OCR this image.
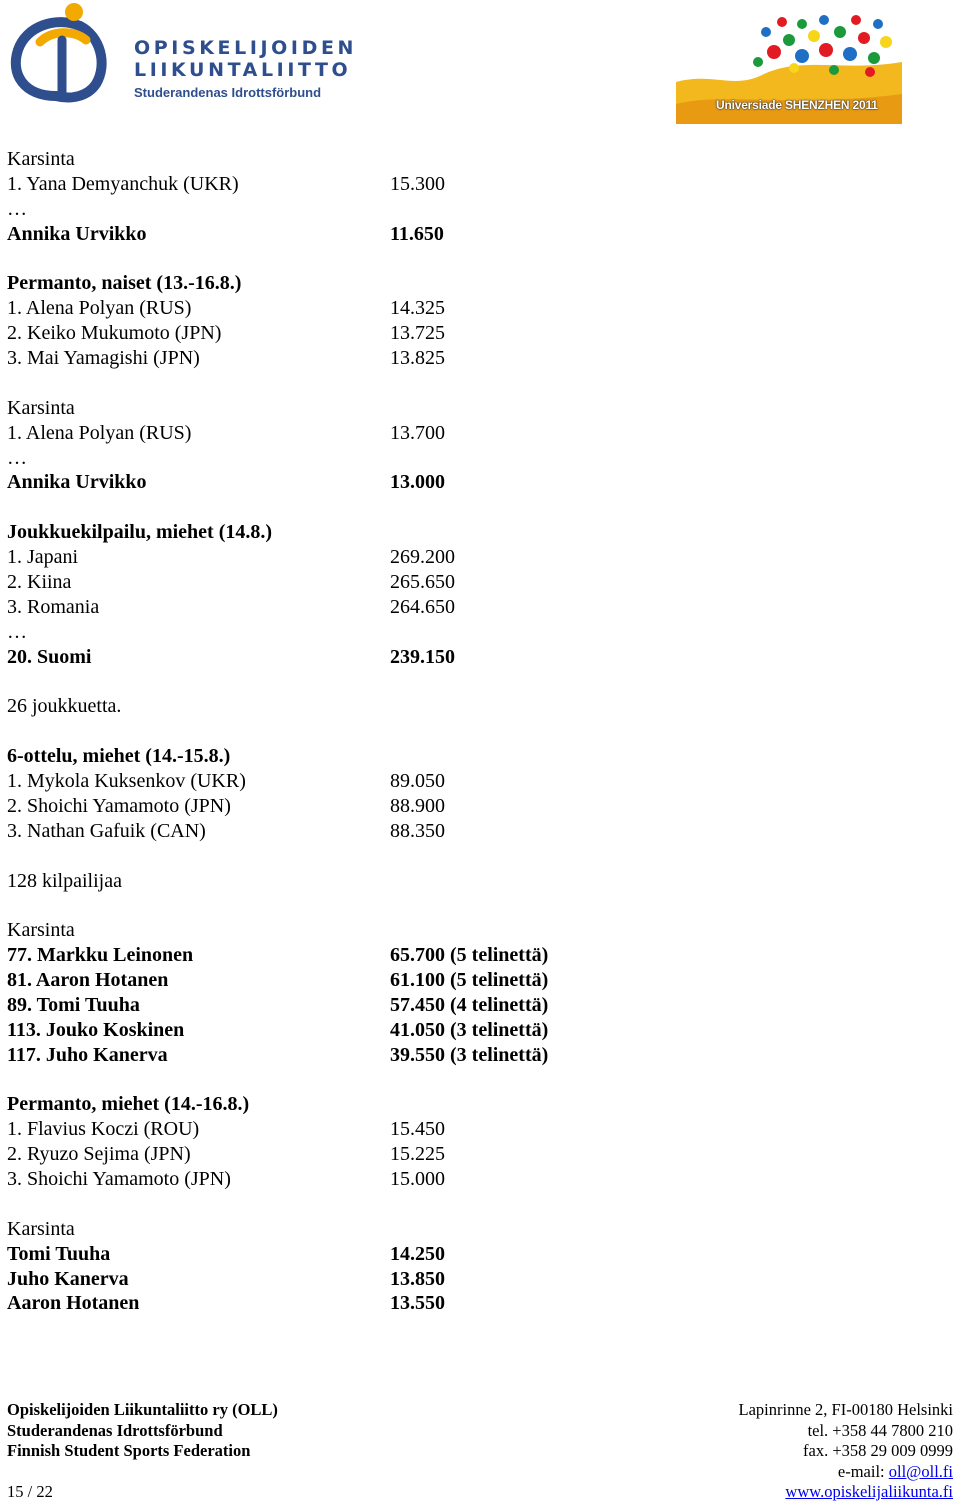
OPISKELIJOIDEN
LIIKUNTALIITTO
Studerandenas Idrottsförbund
Universiade SHENZHEN 2011
Karsinta
1. Yana Demyanchuk (UKR)	15.300
…
Annika Urvikko	11.650
Permanto, naiset (13.-16.8.)
1. Alena Polyan (RUS)	14.325
2. Keiko Mukumoto (JPN)	13.725
3. Mai Yamagishi (JPN)	13.825
Karsinta
1. Alena Polyan (RUS)	13.700
…
Annika Urvikko	13.000
Joukkuekilpailu, miehet (14.8.)
1. Japani	269.200
2. Kiina	265.650
3. Romania	264.650
…
20. Suomi	239.150
26 joukkuetta.
6-ottelu, miehet (14.-15.8.)
1. Mykola Kuksenkov (UKR)	89.050
2. Shoichi Yamamoto (JPN)	88.900
3. Nathan Gafuik (CAN)	88.350
128 kilpailijaa
Karsinta
77. Markku Leinonen	65.700 (5 telinettä)
81. Aaron Hotanen	61.100 (5 telinettä)
89. Tomi Tuuha	57.450 (4 telinettä)
113. Jouko Koskinen	41.050 (3 telinettä)
117. Juho Kanerva	39.550 (3 telinettä)
Permanto, miehet (14.-16.8.)
1. Flavius Koczi (ROU)	15.450
2. Ryuzo Sejima (JPN)	15.225
3. Shoichi Yamamoto (JPN)	15.000
Karsinta
Tomi Tuuha	14.250
Juho Kanerva	13.850
Aaron Hotanen	13.550
Opiskelijoiden Liikuntaliitto ry (OLL)
Studerandenas Idrottsförbund
Finnish Student Sports Federation
15 / 22
Lapinrinne 2, FI-00180 Helsinki
tel. +358 44 7800 210
fax. +358 29 009 0999
e-mail: oll@oll.fi
www.opiskelijaliikunta.fi
